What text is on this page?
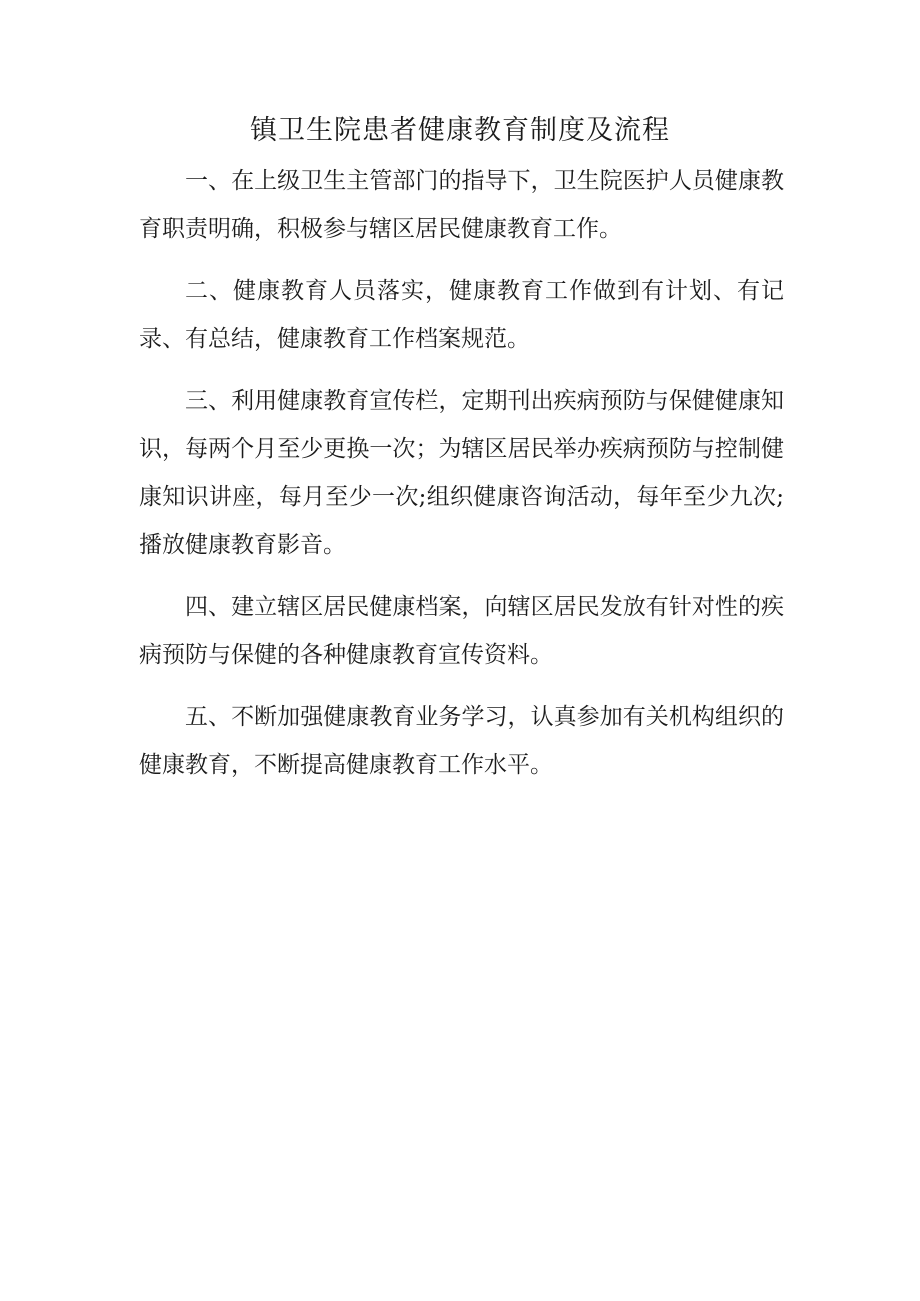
镇卫生院患者健康教育制度及流程

一、在上级卫生主管部门的指导下，卫生院医护人员健康教育职责明确，积极参与辖区居民健康教育工作。

二、健康教育人员落实，健康教育工作做到有计划、有记录、有总结，健康教育工作档案规范。

三、利用健康教育宣传栏，定期刊出疾病预防与保健健康知识，每两个月至少更换一次；为辖区居民举办疾病预防与控制健康知识讲座，每月至少一次;组织健康咨询活动，每年至少九次;播放健康教育影音。

四、建立辖区居民健康档案，向辖区居民发放有针对性的疾病预防与保健的各种健康教育宣传资料。

五、不断加强健康教育业务学习，认真参加有关机构组织的健康教育，不断提高健康教育工作水平。
